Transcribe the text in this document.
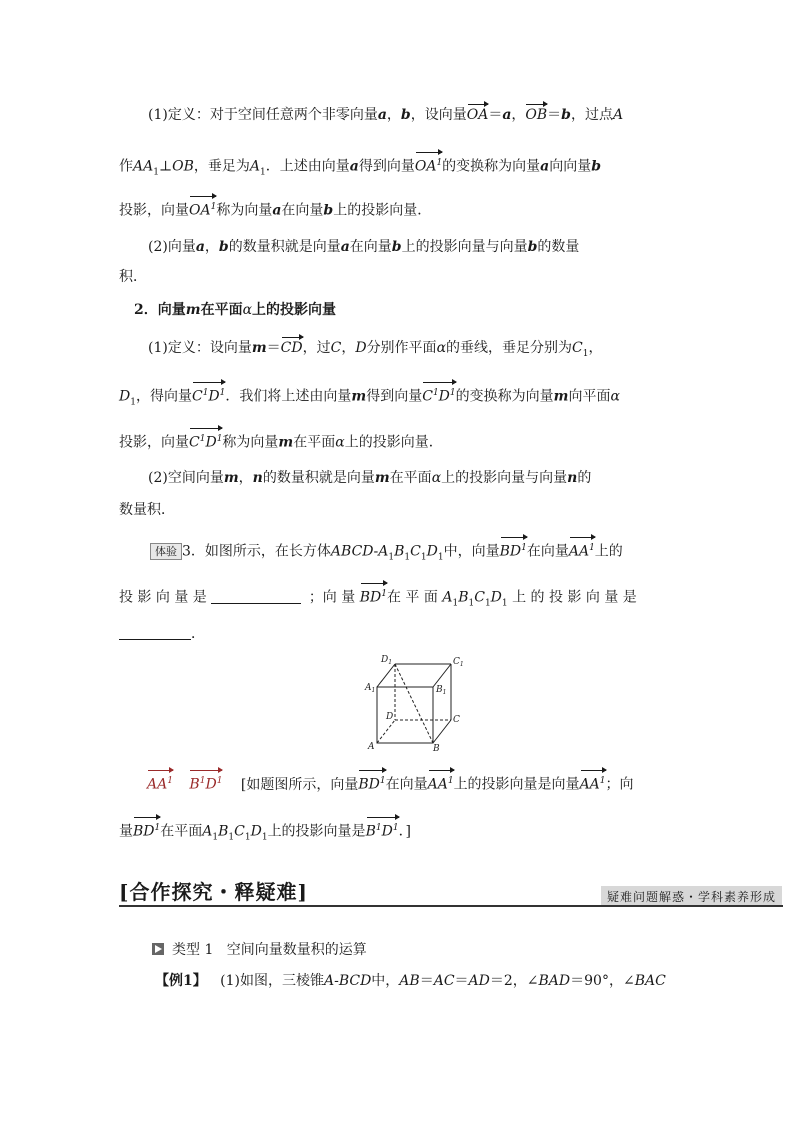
(1)定义：对于空间任意两个非零向量a，b，设向量OA＝a，OB＝b，过点A
作$AA_1\perp OB$，垂足为$A_1$．上述由向量a得到向量$OA^1$的变换称为向量a向向量b
投影，向量$OA^1$称为向量a在向量b上的投影向量．
(2)向量a，b的数量积就是向量a在向量b上的投影向量与向量b的数量
积．
2．向量m在平面α上的投影向量
(1)定义：设向量m＝CD，过C，D分别作平面α的垂线，垂足分别为$C_1$，
$D_1$，得向量$C^1D^1$．我们将上述由向量m得到向量$C^1D^1$的变换称为向量m向平面α
投影，向量$C^1D^1$称为向量m在平面α上的投影向量．
(2)空间向量m，n的数量积就是向量m在平面α上的投影向量与向量n的
数量积．
体验 3．如图所示，在长方体ABCD-$A_1B_1C_1D_1$中，向量$BD^1$在向量$AA^1$上的
投 影 向 量 是	；向 量 $BD^1$在 平 面 $A_1B_1C_1D_1$ 上 的 投 影 向 量 是
．
$D_1$	$C_1$
$A_1$	$B_1$
D	C
A	B
$AA^1$ $B^1D^1$ [如题图所示，向量$BD^1$在向量$AA^1$上的投影向量是向量$AA^1$；向
量$BD^1$在平面$A_1B_1C_1D_1$上的投影向量是$B^1D^1$．]
[合作探究・释疑难]	疑难问题解惑・学科素养形成
类型 1 空间向量数量积的运算
【例1】 (1)如图，三棱锥A-BCD中，AB＝AC＝AD＝2，∠BAD＝90°，∠BAC
